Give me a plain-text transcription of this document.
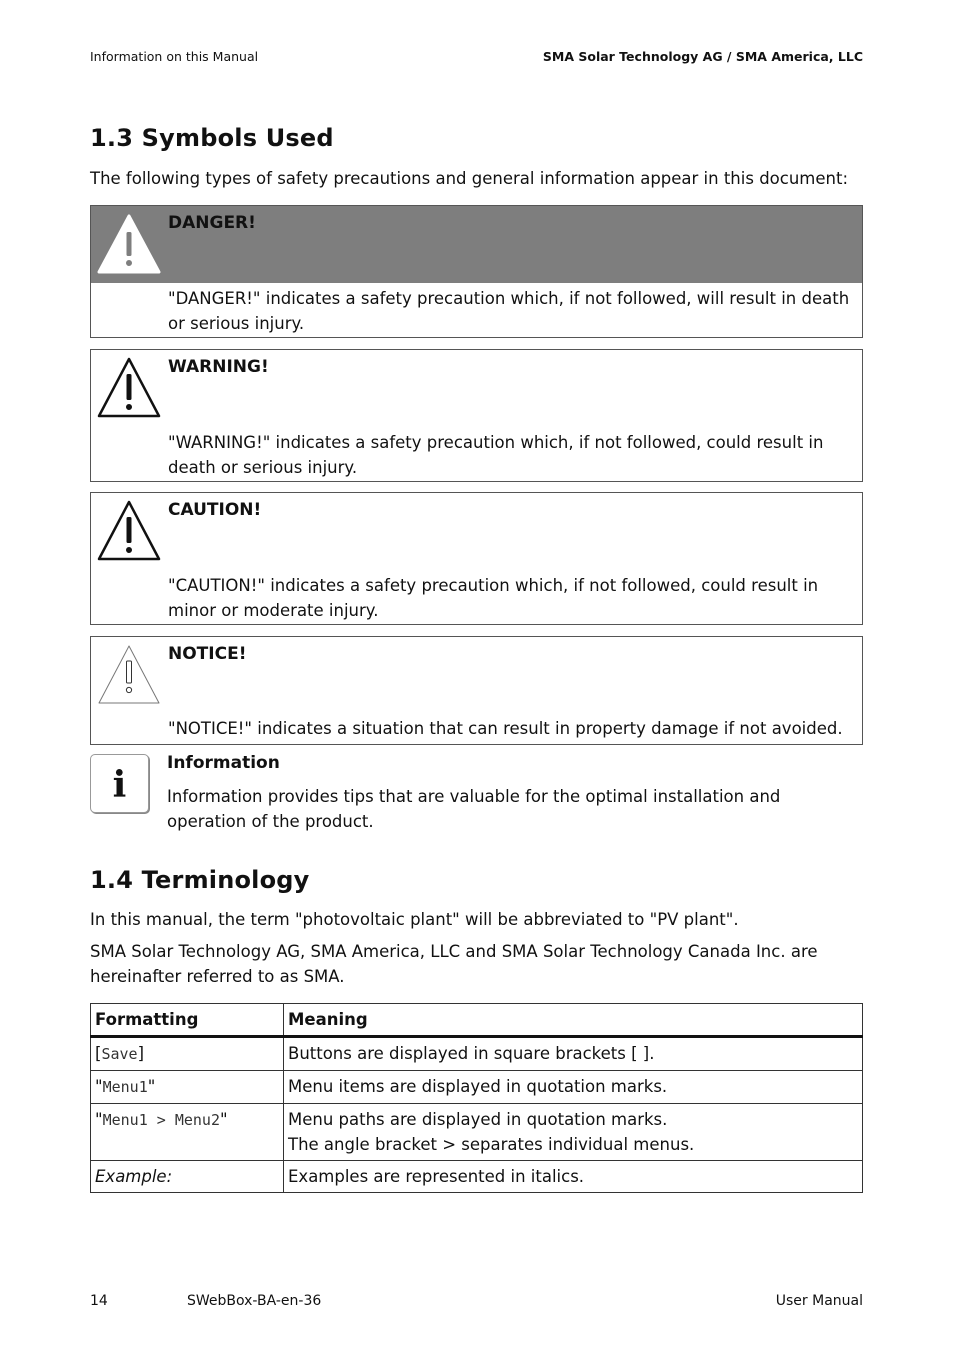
Information on this Manual	SMA Solar Technology AG / SMA America, LLC
1.3 Symbols Used
The following types of safety precautions and general information appear in this document:
DANGER!
"DANGER!" indicates a safety precaution which, if not followed, will result in death or serious injury.
WARNING!
"WARNING!" indicates a safety precaution which, if not followed, could result in death or serious injury.
CAUTION!
"CAUTION!" indicates a safety precaution which, if not followed, could result in minor or moderate injury.
NOTICE!
"NOTICE!" indicates a situation that can result in property damage if not avoided.
i
Information
Information provides tips that are valuable for the optimal installation and operation of the product.
1.4 Terminology
In this manual, the term "photovoltaic plant" will be abbreviated to "PV plant".
SMA Solar Technology AG, SMA America, LLC and SMA Solar Technology Canada Inc. are hereinafter referred to as SMA.
Formatting	Meaning
[Save]	Buttons are displayed in square brackets [ ].
"Menu1"	Menu items are displayed in quotation marks.
"Menu1 > Menu2"	Menu paths are displayed in quotation marks.
The angle bracket > separates individual menus.

Example:	Examples are represented in italics.
14	SWebBox-BA-en-36	User Manual
